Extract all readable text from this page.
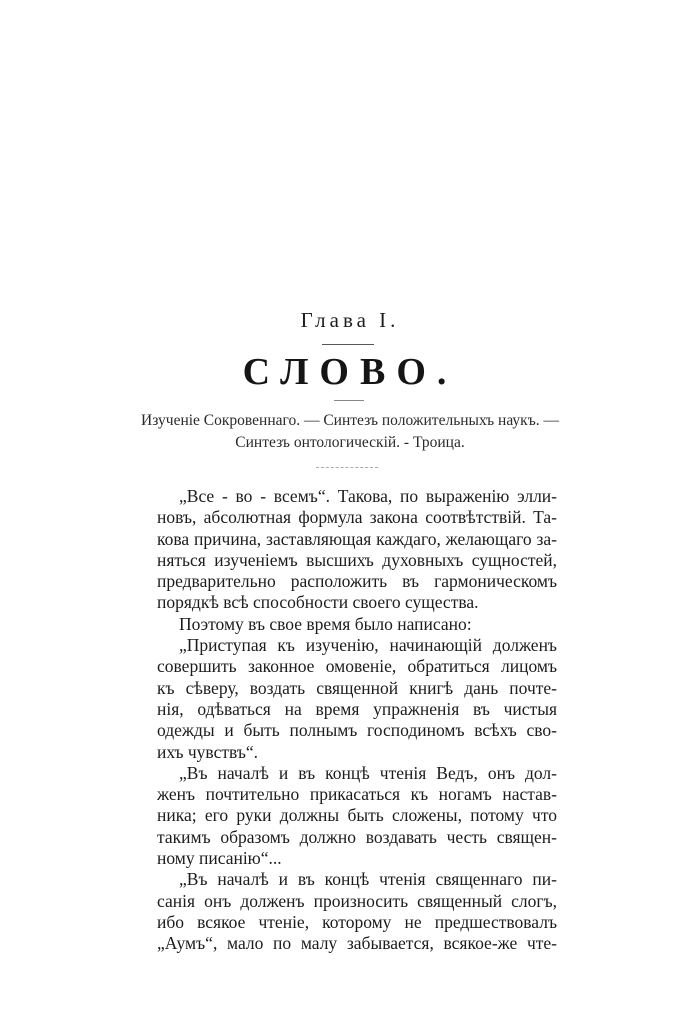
Глава I.
СЛОВО.
Изученіе Сокровеннаго. — Синтезъ положительныхъ наукъ. —
Синтезъ онтологическій. - Троица.
„Все - во - всемъ“. Такова, по выраженію элли-
новъ, абсолютная формула закона соотвѣтствій. Та-
кова причина, заставляющая каждаго, желающаго за-
няться изученіемъ высшихъ духовныхъ сущностей,
предварительно расположить въ гармоническомъ
порядкѣ всѣ способности своего существа.
Поэтому въ свое время было написано:
„Приступая къ изученію, начинающій долженъ
совершить законное омовеніе, обратиться лицомъ
къ сѣверу, воздать священной книгѣ дань почте-
нія, одѣваться на время упражненія въ чистыя
одежды и быть полнымъ господиномъ всѣхъ сво-
ихъ чувствъ“.
„Въ началѣ и въ концѣ чтенія Ведъ, онъ дол-
женъ почтительно прикасаться къ ногамъ настав-
ника; его руки должны быть сложены, потому что
такимъ образомъ должно воздавать честь священ-
ному писанію“...
„Въ началѣ и въ концѣ чтенія священнаго пи-
санія онъ долженъ произносить священный слогъ,
ибо всякое чтеніе, которому не предшествовалъ
„Аумъ“, мало по малу забывается, всякое-же чте-
